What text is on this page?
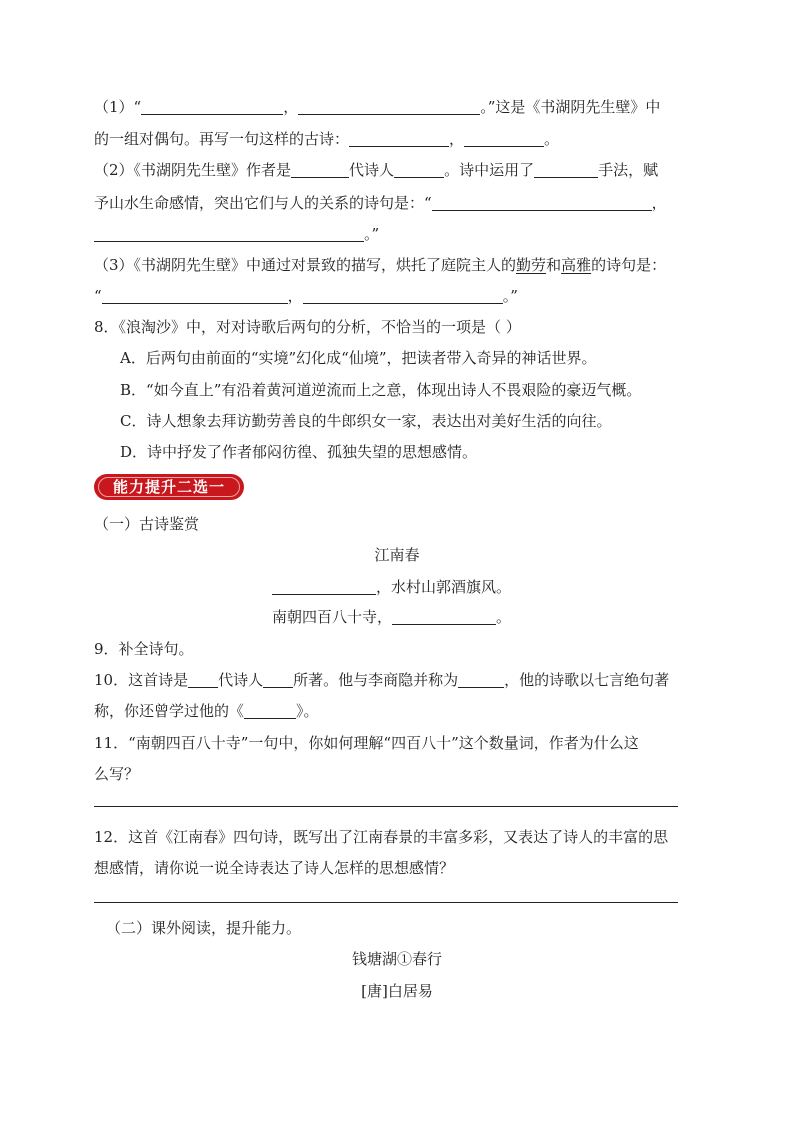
（1）“	，	。”这是《书湖阴先生壁》中
的一组对偶句。再写一句这样的古诗：	，	。
（2）《书湖阴先生壁》作者是	代诗人	。诗中运用了	手法，赋
予山水生命感情，突出它们与人的关系的诗句是：“	，
。”
（3）《书湖阴先生壁》中通过对景致的描写，烘托了庭院主人的勤劳和高雅的诗句是：
“	，	。”
8．《浪淘沙》中，对对诗歌后两句的分析，不恰当的一项是（ ）
A．后两句由前面的“实境”幻化成“仙境”，把读者带入奇异的神话世界。
B．“如今直上”有沿着黄河道逆流而上之意，体现出诗人不畏艰险的豪迈气概。
C．诗人想象去拜访勤劳善良的牛郎织女一家，表达出对美好生活的向往。
D．诗中抒发了作者郁闷彷徨、孤独失望的思想感情。
能力提升二选一
（一）古诗鉴赏
江南春
，水村山郭酒旗风。
南朝四百八十寺，	。
9．补全诗句。
10．这首诗是 代诗人 所著。他与李商隐并称为	，他的诗歌以七言绝句著
称，你还曾学过他的《	》。
11．“南朝四百八十寺”一句中，你如何理解“四百八十”这个数量词，作者为什么这
么写？
12．这首《江南春》四句诗，既写出了江南春景的丰富多彩，又表达了诗人的丰富的思
想感情，请你说一说全诗表达了诗人怎样的思想感情？
（二）课外阅读，提升能力。
钱塘湖①春行
[唐]白居易
